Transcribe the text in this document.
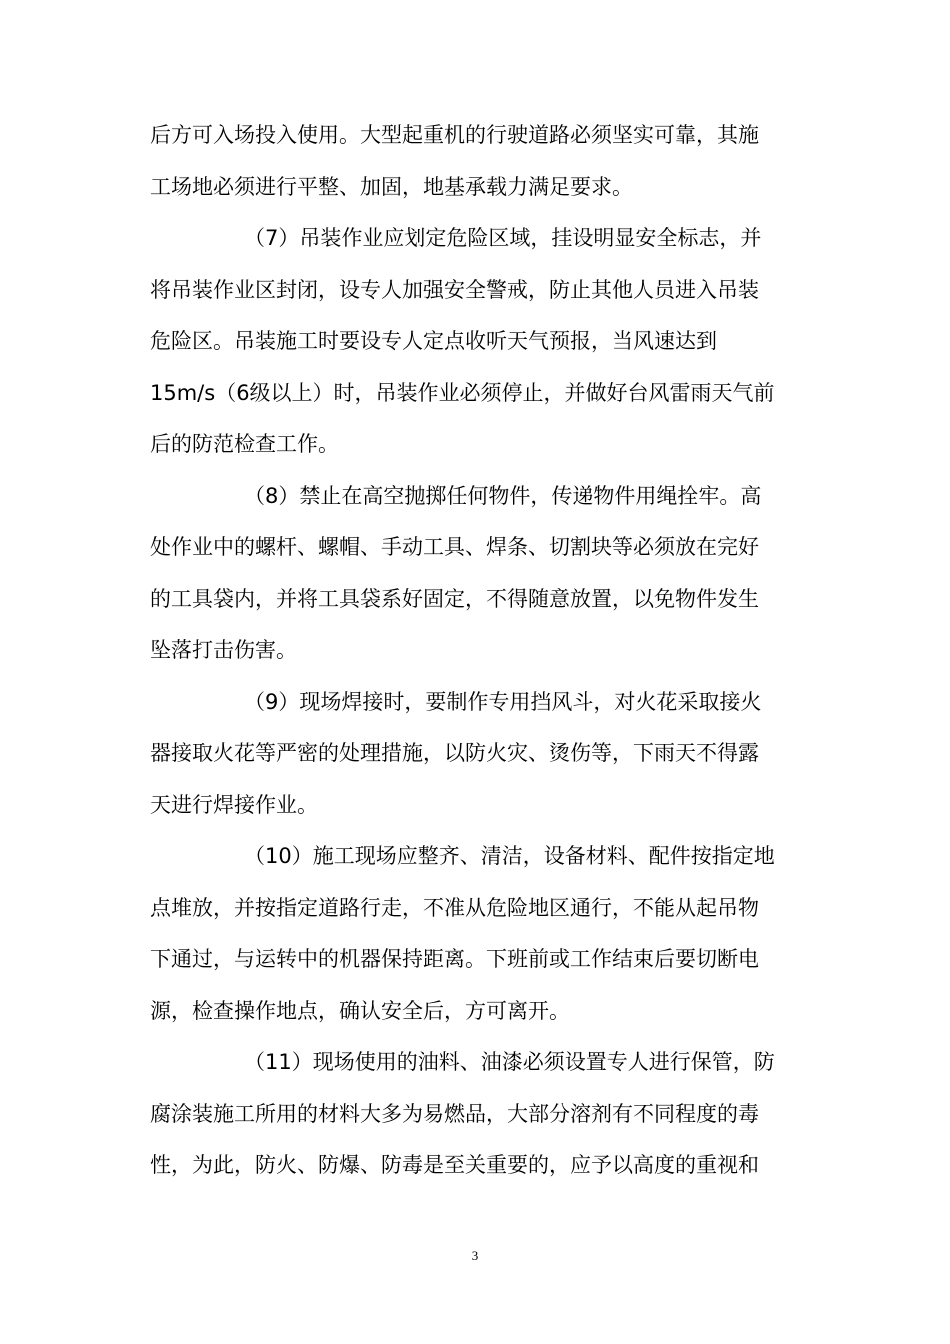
后方可入场投入使用。大型起重机的行驶道路必须坚实可靠，其施
工场地必须进行平整、加固，地基承载力满足要求。
（7）吊装作业应划定危险区域，挂设明显安全标志，并
将吊装作业区封闭，设专人加强安全警戒，防止其他人员进入吊装
危险区。吊装施工时要设专人定点收听天气预报，当风速达到
15m/s（6级以上）时，吊装作业必须停止，并做好台风雷雨天气前
后的防范检查工作。
（8）禁止在高空抛掷任何物件，传递物件用绳拴牢。高
处作业中的螺杆、螺帽、手动工具、焊条、切割块等必须放在完好
的工具袋内，并将工具袋系好固定，不得随意放置，以免物件发生
坠落打击伤害。
（9）现场焊接时，要制作专用挡风斗，对火花采取接火
器接取火花等严密的处理措施，以防火灾、烫伤等，下雨天不得露
天进行焊接作业。
（10）施工现场应整齐、清洁，设备材料、配件按指定地
点堆放，并按指定道路行走，不准从危险地区通行，不能从起吊物
下通过，与运转中的机器保持距离。下班前或工作结束后要切断电
源，检查操作地点，确认安全后，方可离开。
（11）现场使用的油料、油漆必须设置专人进行保管，防
腐涂装施工所用的材料大多为易燃品，大部分溶剂有不同程度的毒
性，为此，防火、防爆、防毒是至关重要的，应予以高度的重视和
3
